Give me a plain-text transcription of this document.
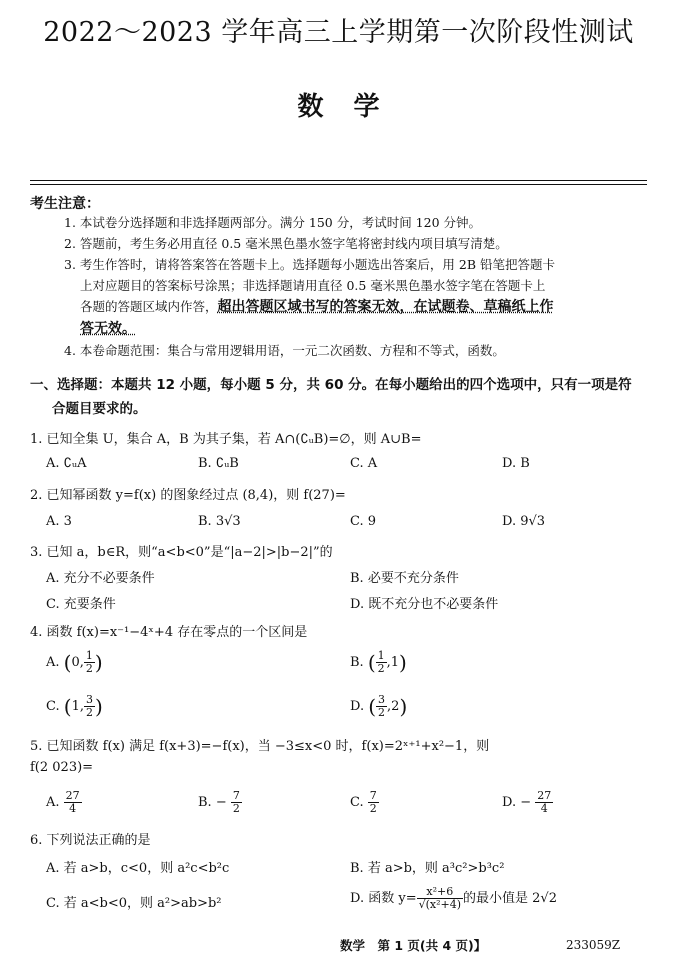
2022～2023 学年高三上学期第一次阶段性测试
数学
考生注意：
1. 本试卷分选择题和非选择题两部分。满分 150 分，考试时间 120 分钟。
2. 答题前，考生务必用直径 0.5 毫米黑色墨水签字笔将密封线内项目填写清楚。
3. 考生作答时，请将答案答在答题卡上。选择题每小题选出答案后，用 2B 铅笔把答题卡
上对应题目的答案标号涂黑；非选择题请用直径 0.5 毫米黑色墨水签字笔在答题卡上
各题的答题区域内作答，超出答题区域书写的答案无效，在试题卷、草稿纸上作
答无效。
4. 本卷命题范围：集合与常用逻辑用语，一元二次函数、方程和不等式，函数。
一、选择题：本题共 12 小题，每小题 5 分，共 60 分。在每小题给出的四个选项中，只有一项是符
合题目要求的。
1. 已知全集 U，集合 A，B 为其子集，若 A∩(∁ᵤB)=∅，则 A∪B=
A. ∁ᵤA	B. ∁ᵤB	C. A	D. B
2. 已知幂函数 y=f(x) 的图象经过点 (8,4)，则 f(27)=
A. 3	B. 3√3	C. 9	D. 9√3
3. 已知 a，b∈R，则“a<b<0”是“|a−2|>|b−2|”的
A. 充分不必要条件	B. 必要不充分条件
C. 充要条件	D. 既不充分也不必要条件
4. 函数 f(x)=x⁻¹−4ˣ+4 存在零点的一个区间是
A. (0, $\frac{1}{2}$ )	B. ( $\frac{1}{2} ,1$)
C. (1, $\frac{3}{2}$ )	D. ( $\frac{3}{2} ,2$)
5. 已知函数 f(x) 满足 f(x+3)=−f(x)，当 −3≤x<0 时，f(x)=2ˣ⁺¹+x²−1，则
f(2 023)=
A. $\frac{27}{4}$	B. − $\frac{7}{2}$	C. $\frac{7}{2}$	D. − $\frac{27}{4}$
6. 下列说法正确的是
A. 若 a>b，c<0，则 a²c<b²c	B. 若 a>b，则 a³c²>b³c²
C. 若 a<b<0，则 a²>ab>b²	D. 函数 $y= \frac{\text{x²+6}}{\text{√(x²+4)}}$ 的最小值是 2√2
数学　第 1 页(共 4 页)】	233059Z
